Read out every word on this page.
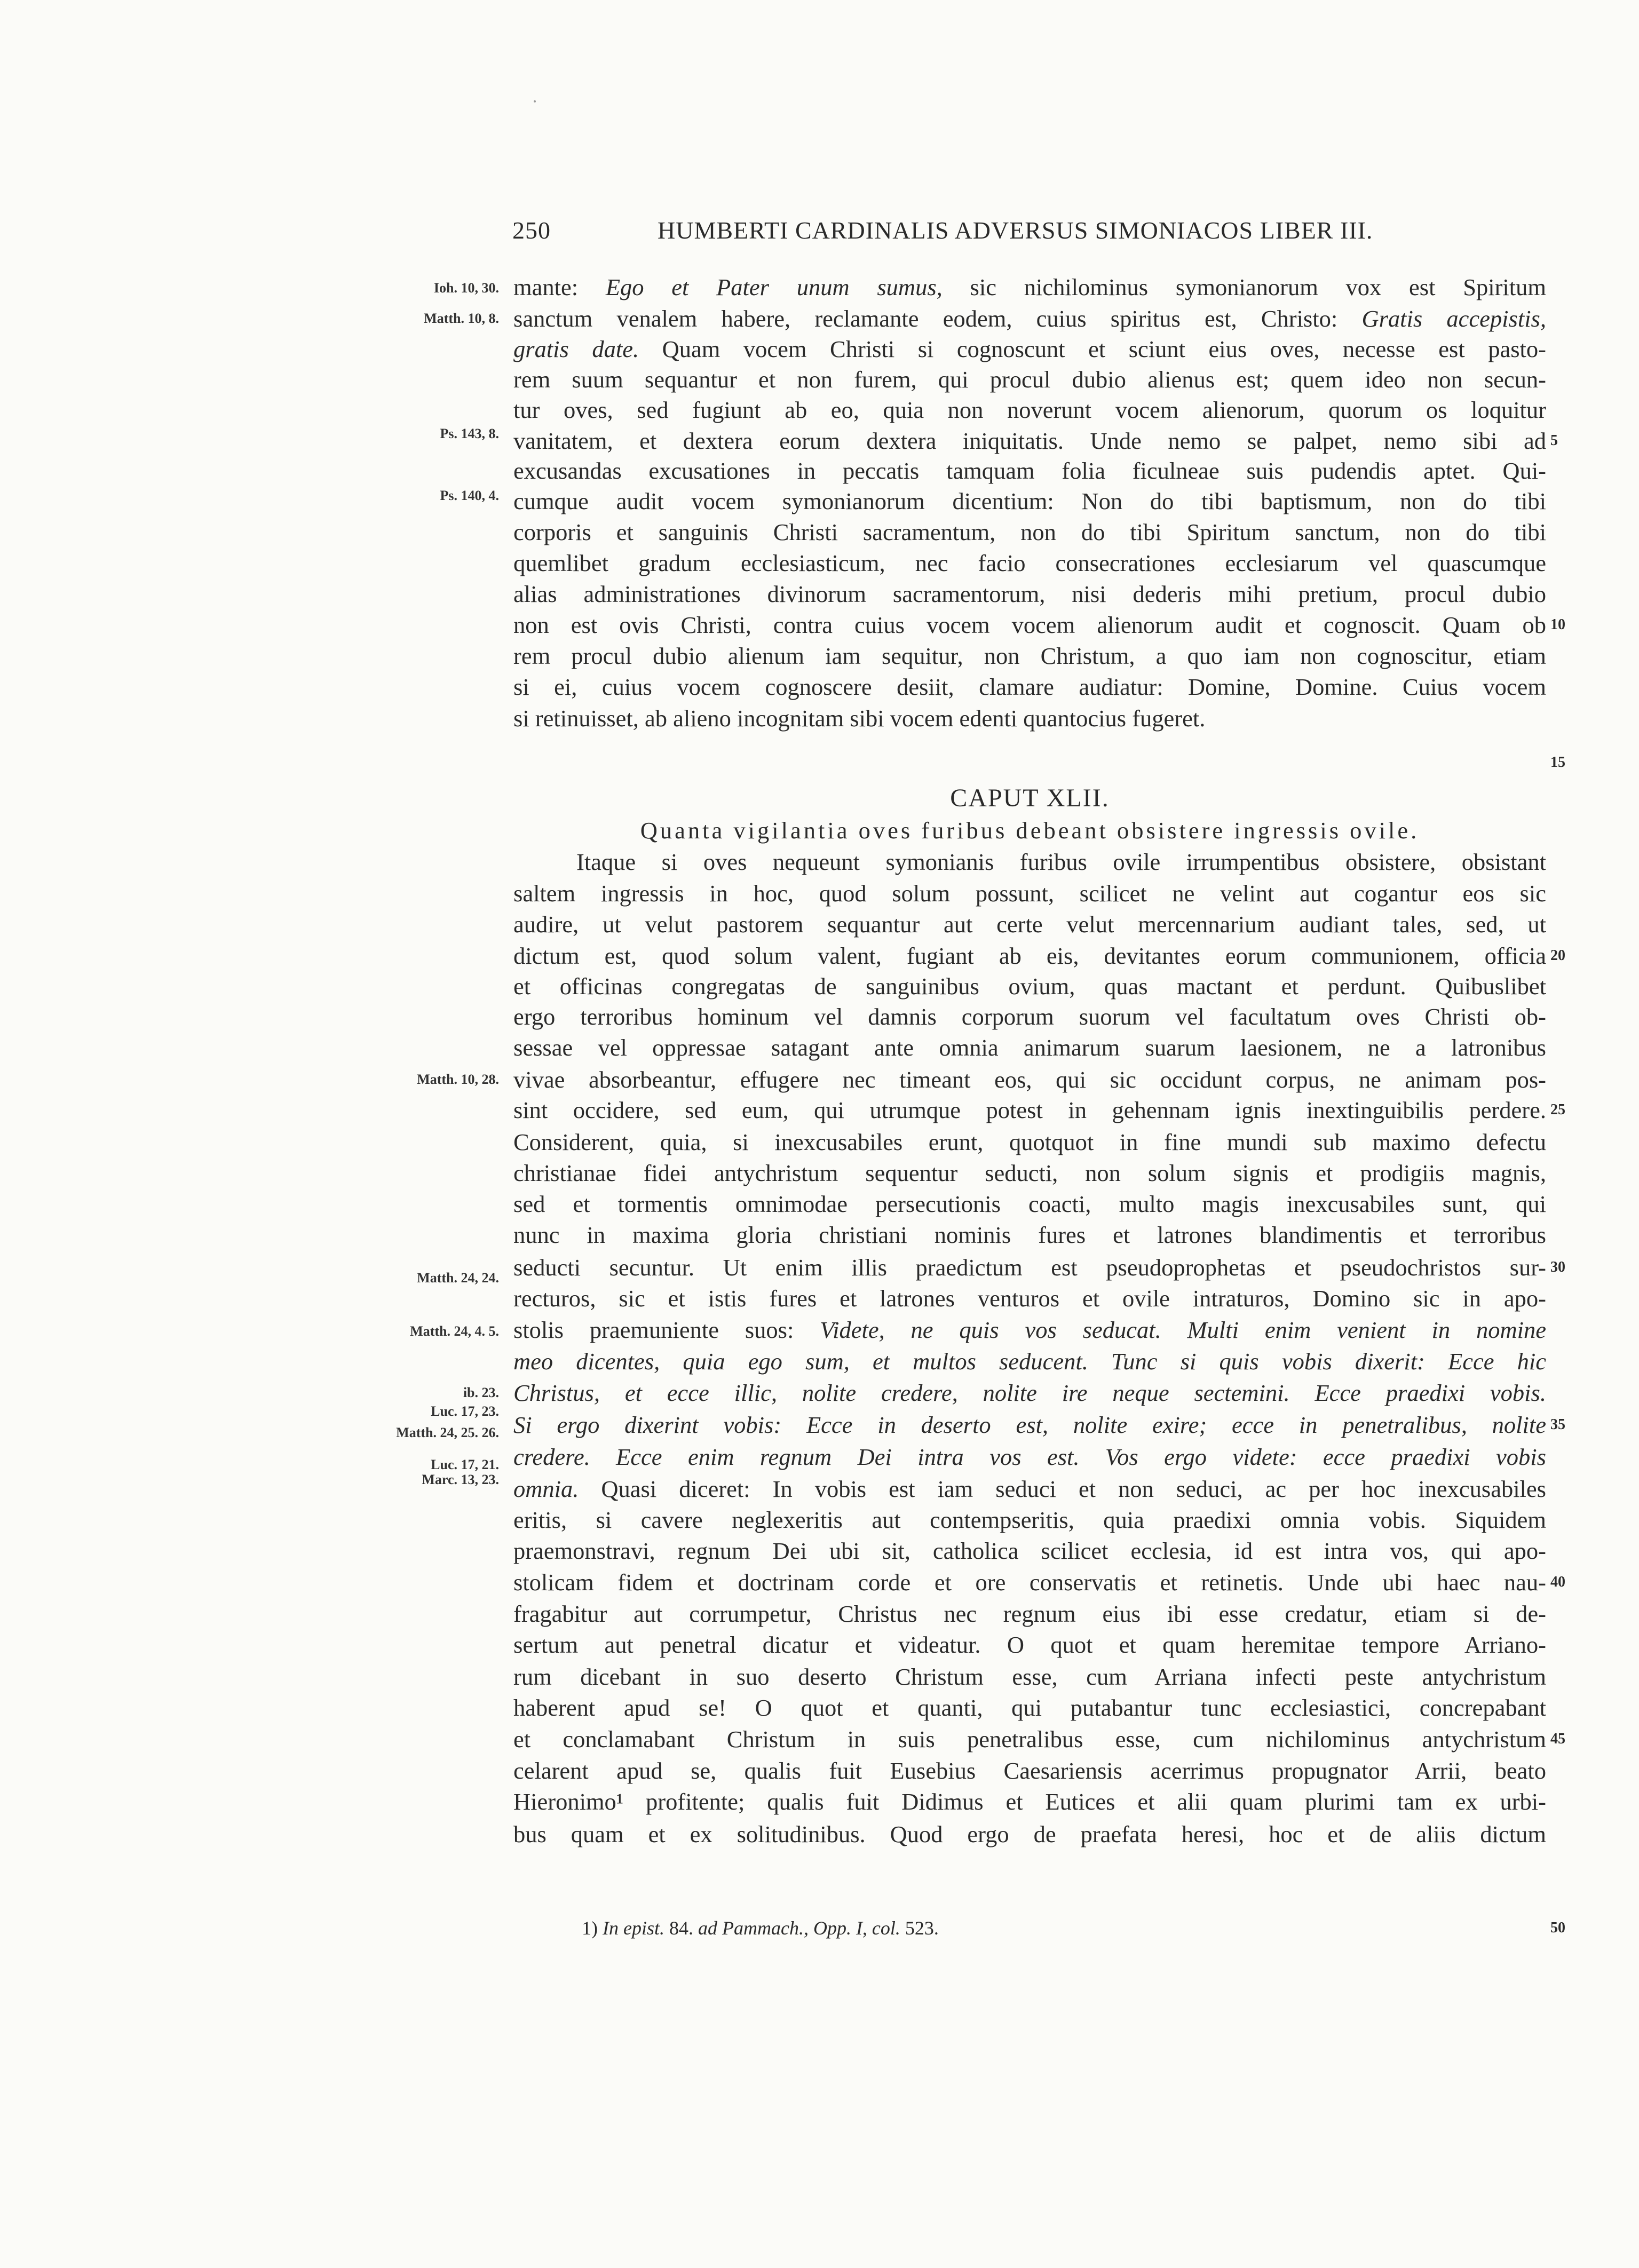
250	HUMBERTI CARDINALIS ADVERSUS SIMONIACOS LIBER III.
mante: Ego et Pater unum sumus, sic nichilominus symonianorum vox est Spiritum
sanctum venalem habere, reclamante eodem, cuius spiritus est, Christo: Gratis accepistis,
gratis date. Quam vocem Christi si cognoscunt et sciunt eius oves, necesse est pasto-
rem suum sequantur et non furem, qui procul dubio alienus est; quem ideo non secun-
tur oves, sed fugiunt ab eo, quia non noverunt vocem alienorum, quorum os loquitur
vanitatem, et dextera eorum dextera iniquitatis. Unde nemo se palpet, nemo sibi ad
excusandas excusationes in peccatis tamquam folia ficulneae suis pudendis aptet. Qui-
cumque audit vocem symonianorum dicentium: Non do tibi baptismum, non do tibi
corporis et sanguinis Christi sacramentum, non do tibi Spiritum sanctum, non do tibi
quemlibet gradum ecclesiasticum, nec facio consecrationes ecclesiarum vel quascumque
alias administrationes divinorum sacramentorum, nisi dederis mihi pretium, procul dubio
non est ovis Christi, contra cuius vocem vocem alienorum audit et cognoscit. Quam ob
rem procul dubio alienum iam sequitur, non Christum, a quo iam non cognoscitur, etiam
si ei, cuius vocem cognoscere desiit, clamare audiatur: Domine, Domine. Cuius vocem
si retinuisset, ab alieno incognitam sibi vocem edenti quantocius fugeret.
CAPUT XLII.
Quanta vigilantia oves furibus debeant obsistere ingressis ovile.
Itaque si oves nequeunt symonianis furibus ovile irrumpentibus obsistere, obsistant
saltem ingressis in hoc, quod solum possunt, scilicet ne velint aut cogantur eos sic
audire, ut velut pastorem sequantur aut certe velut mercennarium audiant tales, sed, ut
dictum est, quod solum valent, fugiant ab eis, devitantes eorum communionem, officia
et officinas congregatas de sanguinibus ovium, quas mactant et perdunt. Quibuslibet
ergo terroribus hominum vel damnis corporum suorum vel facultatum oves Christi ob-
sessae vel oppressae satagant ante omnia animarum suarum laesionem, ne a latronibus
vivae absorbeantur, effugere nec timeant eos, qui sic occidunt corpus, ne animam pos-
sint occidere, sed eum, qui utrumque potest in gehennam ignis inextinguibilis perdere.
Considerent, quia, si inexcusabiles erunt, quotquot in fine mundi sub maximo defectu
christianae fidei antychristum sequentur seducti, non solum signis et prodigiis magnis,
sed et tormentis omnimodae persecutionis coacti, multo magis inexcusabiles sunt, qui
nunc in maxima gloria christiani nominis fures et latrones blandimentis et terroribus
seducti secuntur. Ut enim illis praedictum est pseudoprophetas et pseudochristos sur-
recturos, sic et istis fures et latrones venturos et ovile intraturos, Domino sic in apo-
stolis praemuniente suos: Videte, ne quis vos seducat. Multi enim venient in nomine
meo dicentes, quia ego sum, et multos seducent. Tunc si quis vobis dixerit: Ecce hic
Christus, et ecce illic, nolite credere, nolite ire neque sectemini. Ecce praedixi vobis.
Si ergo dixerint vobis: Ecce in deserto est, nolite exire; ecce in penetralibus, nolite
credere. Ecce enim regnum Dei intra vos est. Vos ergo videte: ecce praedixi vobis
omnia. Quasi diceret: In vobis est iam seduci et non seduci, ac per hoc inexcusabiles
eritis, si cavere neglexeritis aut contempseritis, quia praedixi omnia vobis. Siquidem
praemonstravi, regnum Dei ubi sit, catholica scilicet ecclesia, id est intra vos, qui apo-
stolicam fidem et doctrinam corde et ore conservatis et retinetis. Unde ubi haec nau-
fragabitur aut corrumpetur, Christus nec regnum eius ibi esse credatur, etiam si de-
sertum aut penetral dicatur et videatur. O quot et quam heremitae tempore Arriano-
rum dicebant in suo deserto Christum esse, cum Arriana infecti peste antychristum
haberent apud se! O quot et quanti, qui putabantur tunc ecclesiastici, concrepabant
et conclamabant Christum in suis penetralibus esse, cum nichilominus antychristum
celarent apud se, qualis fuit Eusebius Caesariensis acerrimus propugnator Arrii, beato
Hieronimo¹ profitente; qualis fuit Didimus et Eutices et alii quam plurimi tam ex urbi-
bus quam et ex solitudinibus. Quod ergo de praefata heresi, hoc et de aliis dictum
1) In epist. 84. ad Pammach., Opp. I, col. 523.
5
10
15
20
25
30
35
40
45
50
Ioh. 10, 30.
Matth. 10, 8.
Ps. 143, 8.
Ps. 140, 4.
Matth. 10, 28.
Matth. 24, 24.
Matth. 24, 4. 5.
ib. 23.
Luc. 17, 23.
Matth. 24, 25. 26.
Luc. 17, 21.
Marc. 13, 23.
